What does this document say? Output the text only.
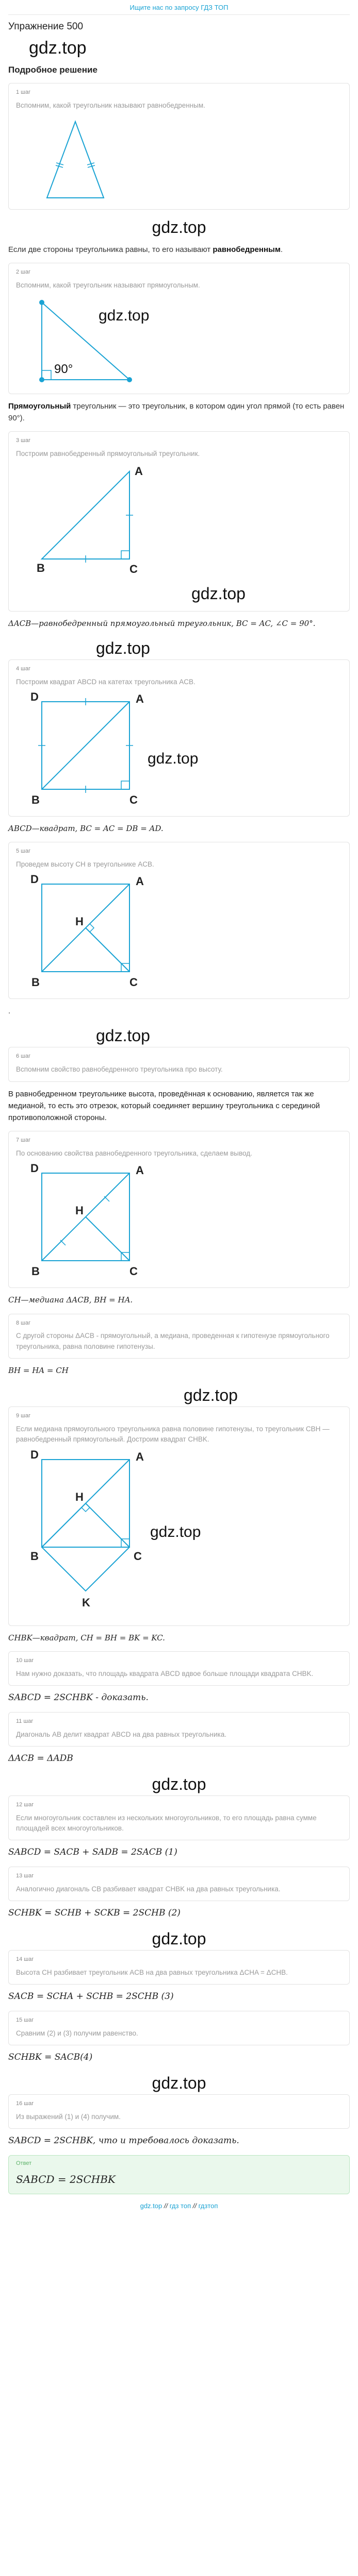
Ищите нас по запросу ГДЗ ТОП
Упражнение 500
gdz.top
Подробное решение
1 шаг
Вспомним, какой треугольник называют равнобедренным.
gdz.top
Если две стороны треугольника равны, то его называют равнобедренным.
2 шаг
Вспомним, какой треугольник называют прямоугольным.
90°
gdz.top
Прямоугольный треугольник — это треугольник, в котором один угол прямой (то есть равен 90°).
3 шаг
Построим равнобедренный прямоугольный треугольник.
A
B	C
gdz.top
ΔACB—равнобедренный прямоугольный треугольник, BC = AC, ∠C = 90°.
gdz.top
4 шаг
Построим квадрат ABCD на катетах треугольника ACB.
D	A
B	C
gdz.top
ABCD—квадрат, BC = AC = DB = AD.
5 шаг
Проведем высоту CH в треугольнике ACB.
D	A
B	C
H
.
gdz.top
6 шаг
Вспомним свойство равнобедренного треугольника про высоту.
В равнобедренном треугольнике высота, проведённая к основанию, является так же медианой, то есть это отрезок, который соединяет вершину треугольника с серединой противоположной стороны.
7 шаг
По основанию свойства равнобедренного треугольника, сделаем вывод.
D	A
B	C
H
CH—медиана ΔACB, BH = HA.
8 шаг
С другой стороны ΔACB - прямоугольный, а медиана, проведенная к гипотенузе прямоугольного треугольника, равна половине гипотенузы.
BH = HA = CH
gdz.top
9 шаг
Если медиана прямоугольного треугольника равна половине гипотенузы, то треугольник CBH — равнобедренный прямоугольный. Достроим квадрат CHBK.
D	A
B	C
H
K
gdz.top
CHBK—квадрат, CH = BH = BK = KC.
10 шаг
Нам нужно доказать, что площадь квадрата ABCD вдвое больше площади квадрата CHBK.
SABCD = 2SCHBK - доказать.
11 шаг
Диагональ AB делит квадрат ABCD на два равных треугольника.
ΔACB = ΔADB
gdz.top
12 шаг
Если многоугольник составлен из нескольких многоугольников, то его площадь равна сумме площадей всех многоугольников.
SABCD = SACB + SADB = 2SACB (1)
13 шаг
Аналогично диагональ CB разбивает квадрат CHBK на два равных треугольника.
SCHBK = SCHB + SCKB = 2SCHB (2)
gdz.top
14 шаг
Высота CH разбивает треугольник ACB на два равных треугольника ΔCHA = ΔCHB.
SACB = SCHA + SCHB = 2SCHB (3)
15 шаг
Сравним (2) и (3) получим равенство.
SCHBK = SACB(4)
gdz.top
16 шаг
Из выражений (1) и (4) получим.
SABCD = 2SCHBK, что и требовалось доказать.
Ответ
SABCD = 2SCHBK
gdz.top // гдз топ // гдзтоп
